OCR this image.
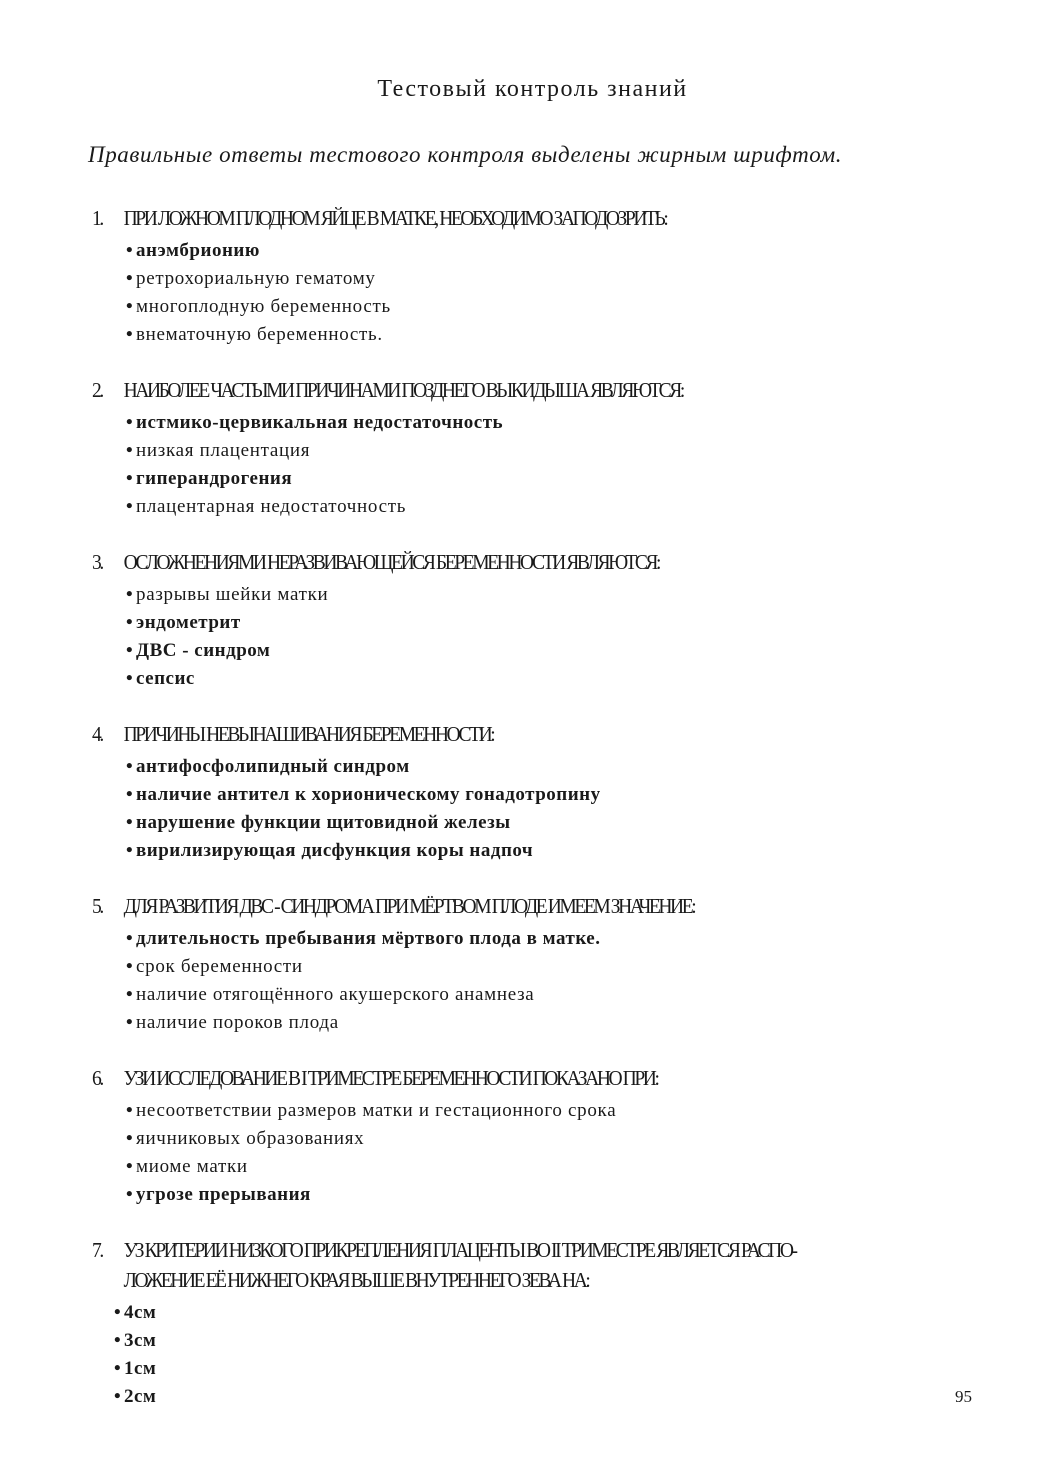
Тестовый контроль знаний
Правильные ответы тестового контроля выделены жирным шрифтом.
1.	ПРИ ЛОЖНОМ ПЛОДНОМ ЯЙЦЕ В МАТКЕ, НЕОБХОДИМО ЗАПОДОЗРИТЬ:
• анэмбрионию
• ретрохориальную гематому
• многоплодную беременность
• внематочную беременность.
2.	НАИБОЛЕЕ ЧАСТЫМИ ПРИЧИНАМИ ПОЗДНЕГО ВЫКИДЫША ЯВЛЯЮТСЯ:
• истмико-цервикальная недостаточность
• низкая плацентация
• гиперандрогения
• плацентарная недостаточность
3.	ОСЛОЖНЕНИЯМИ НЕРАЗВИВАЮЩЕЙСЯ БЕРЕМЕННОСТИ ЯВЛЯЮТСЯ:
• разрывы шейки матки
• эндометрит
• ДВС - синдром
• сепсис
4.	ПРИЧИНЫ НЕВЫНАШИВАНИЯ БЕРЕМЕННОСТИ:
• антифосфолипидный синдром
• наличие антител к хорионическому гонадотропину
• нарушение функции щитовидной железы
• вирилизирующая дисфункция коры надпоч
5.	ДЛЯ РАЗВИТИЯ ДВС - СИНДРОМА ПРИ МЁРТВОМ ПЛОДЕ ИМЕЕМ ЗНАЧЕНИЕ:
• длительность пребывания мёртвого плода в матке.
• срок беременности
• наличие отягощённого акушерского анамнеза
• наличие пороков плода
6.	УЗИ ИССЛЕДОВАНИЕ В I ТРИМЕСТРЕ БЕРЕМЕННОСТИ ПОКАЗАНО ПРИ:
• несоответствии размеров матки и гестационного срока
• яичниковых образованиях
• миоме матки
• угрозе прерывания
7.	УЗ КРИТЕРИИ НИЗКОГО ПРИКРЕПЛЕНИЯ ПЛАЦЕНТЫ ВО II ТРИМЕСТРЕ ЯВЛЯЕТСЯ РАСПО-
ЛОЖЕНИЕ ЕЁ НИЖНЕГО КРАЯ ВЫШЕ ВНУТРЕННЕГО ЗЕВА НА:
• 4см
• 3см
• 1см
• 2см	95
